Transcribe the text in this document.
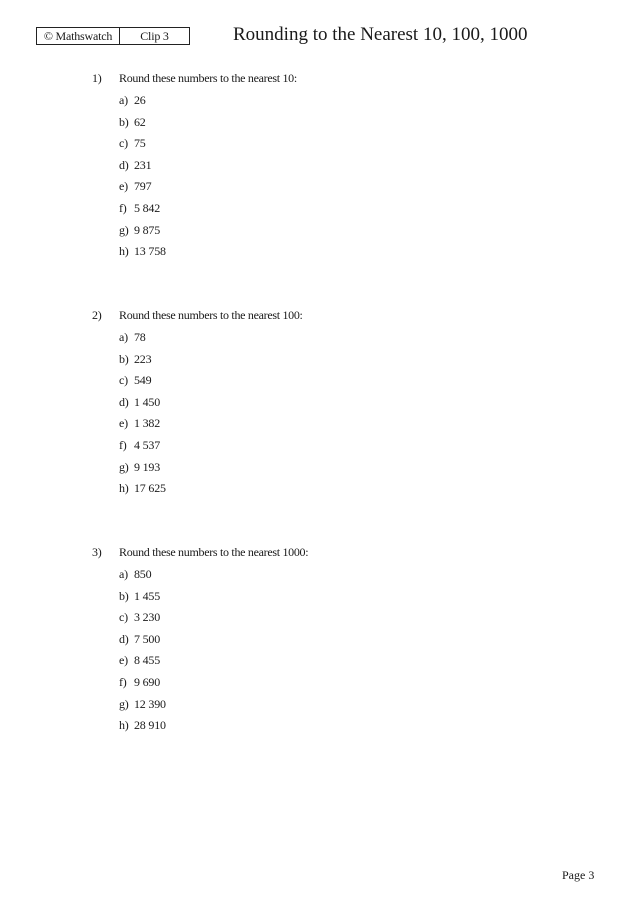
© Mathswatch	Clip 3	Rounding to the Nearest 10, 100, 1000
1)	Round these numbers to the nearest 10:
a) 26
b) 62
c) 75
d) 231
e) 797
f) 5 842
g) 9 875
h) 13 758
2)	Round these numbers to the nearest 100:
a) 78
b) 223
c) 549
d) 1 450
e) 1 382
f) 4 537
g) 9 193
h) 17 625
3)	Round these numbers to the nearest 1000:
a) 850
b) 1 455
c) 3 230
d) 7 500
e) 8 455
f) 9 690
g) 12 390
h) 28 910
Page 3
